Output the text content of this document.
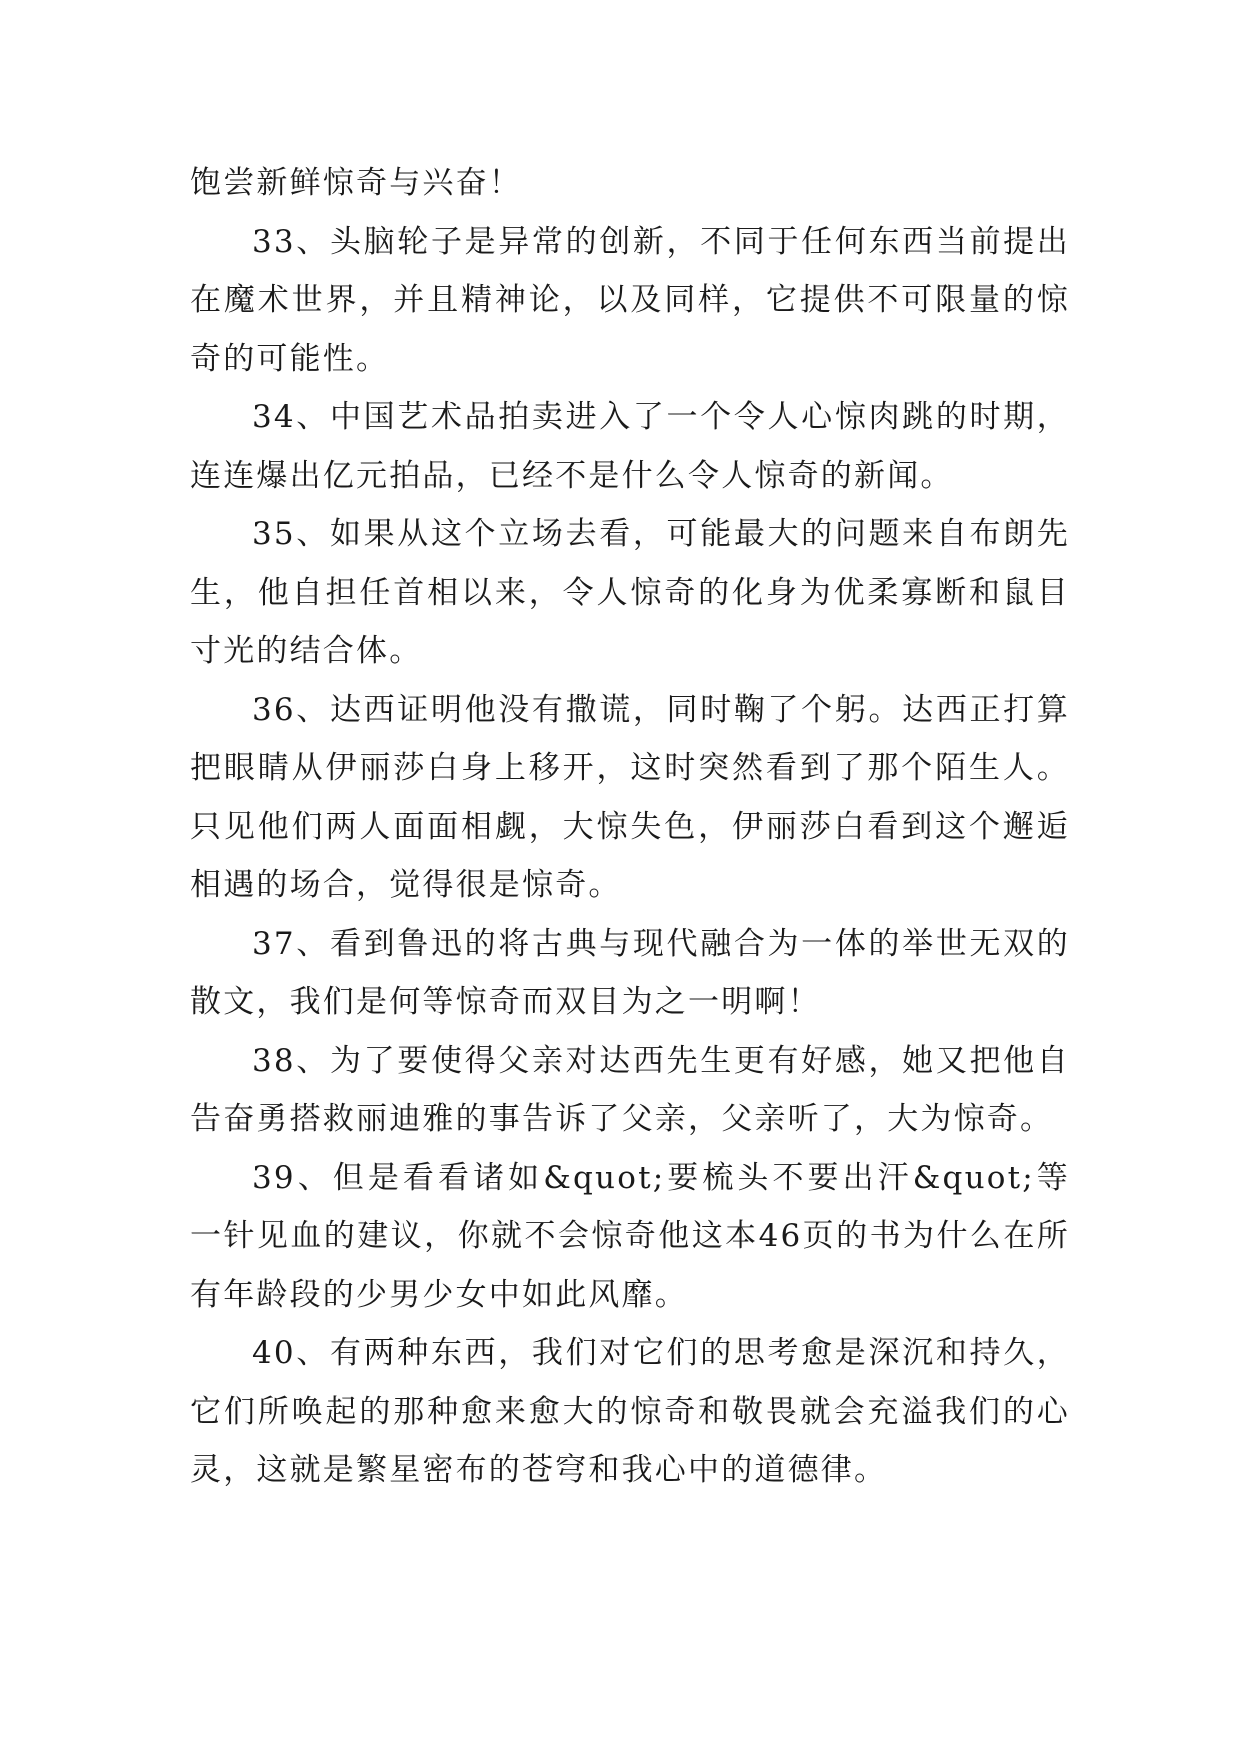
饱尝新鲜惊奇与兴奋！

33、头脑轮子是异常的创新，不同于任何东西当前提出在魔术世界，并且精神论，以及同样，它提供不可限量的惊奇的可能性。

34、中国艺术品拍卖进入了一个令人心惊肉跳的时期，连连爆出亿元拍品，已经不是什么令人惊奇的新闻。

35、如果从这个立场去看，可能最大的问题来自布朗先生，他自担任首相以来，令人惊奇的化身为优柔寡断和鼠目寸光的结合体。

36、达西证明他没有撒谎，同时鞠了个躬。达西正打算把眼睛从伊丽莎白身上移开，这时突然看到了那个陌生人。只见他们两人面面相觑，大惊失色，伊丽莎白看到这个邂逅相遇的场合，觉得很是惊奇。

37、看到鲁迅的将古典与现代融合为一体的举世无双的散文，我们是何等惊奇而双目为之一明啊！

38、为了要使得父亲对达西先生更有好感，她又把他自告奋勇搭救丽迪雅的事告诉了父亲，父亲听了，大为惊奇。

39、但是看看诸如&quot;要梳头不要出汗&quot;等一针见血的建议，你就不会惊奇他这本46页的书为什么在所有年龄段的少男少女中如此风靡。

40、有两种东西，我们对它们的思考愈是深沉和持久，它们所唤起的那种愈来愈大的惊奇和敬畏就会充溢我们的心灵，这就是繁星密布的苍穹和我心中的道德律。
